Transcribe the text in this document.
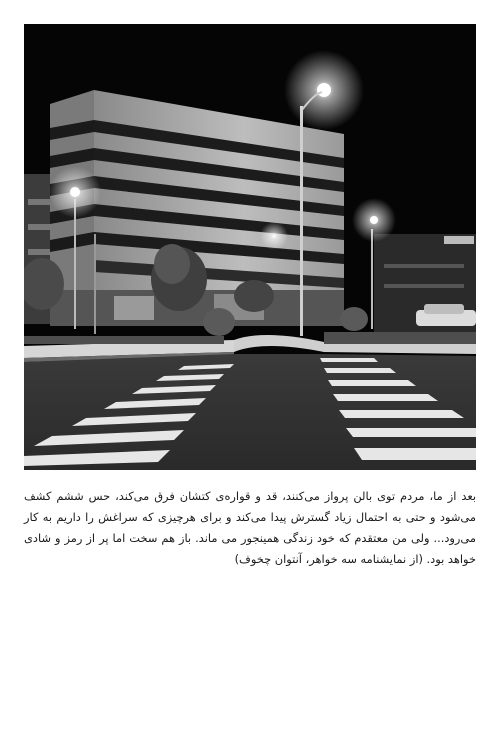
بعد از ما، مردم توی بالن پرواز می‌کنند، قد و قواره‌ی کتشان فرق می‌کند، حس ششم کشف می‌شود و حتی به احتمال زیاد گسترش پیدا می‌کند و برای هرچیزی که سراغش را داریم به کار می‌رود... ولی من معتقدم که خود زندگی همینجور می ماند. باز هم سخت اما پر از رمز و شادی خواهد بود. (از نمایشنامه سه خواهر، آنتوان چخوف)
